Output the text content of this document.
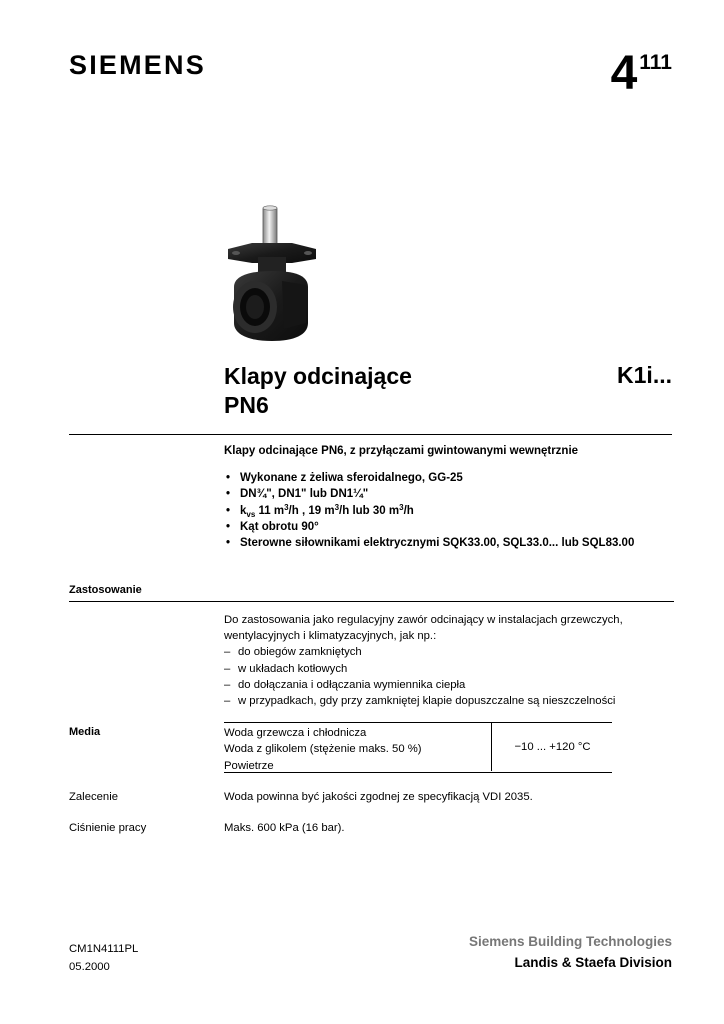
SIEMENS	4111
Klapy odcinające
PN6
K1i...
Klapy odcinające PN6, z przyłączami gwintowanymi wewnętrznie
• Wykonane z żeliwa sferoidalnego, GG-25
• DN¾", DN1" lub DN1¼"
• $k_{vs}$ 11 $m^3/h$ , 19 $m^3/h$ lub 30 $m^3/h$
• Kąt obrotu 90°
• Sterowne siłownikami elektrycznymi SQK33.00, SQL33.0... lub SQL83.00
Zastosowanie
Do zastosowania jako regulacyjny zawór odcinający w instalacjach grzewczych,
wentylacyjnych i klimatyzacyjnych, jak np.:
– do obiegów zamkniętych
– w układach kotłowych
– do dołączania i odłączania wymiennika ciepła
– w przypadkach, gdy przy zamkniętej klapie dopuszczalne są nieszczelności
Media	Woda grzewcza i chłodnicza
Woda z glikolem (stężenie maks. 50 %)
Powietrze
−10 ... +120 °C
Zalecenie	Woda powinna być jakości zgodnej ze specyfikacją VDI 2035.
Ciśnienie pracy	Maks. 600 kPa (16 bar).
CM1N4111PL
05.2000
Siemens Building Technologies
Landis & Staefa Division
